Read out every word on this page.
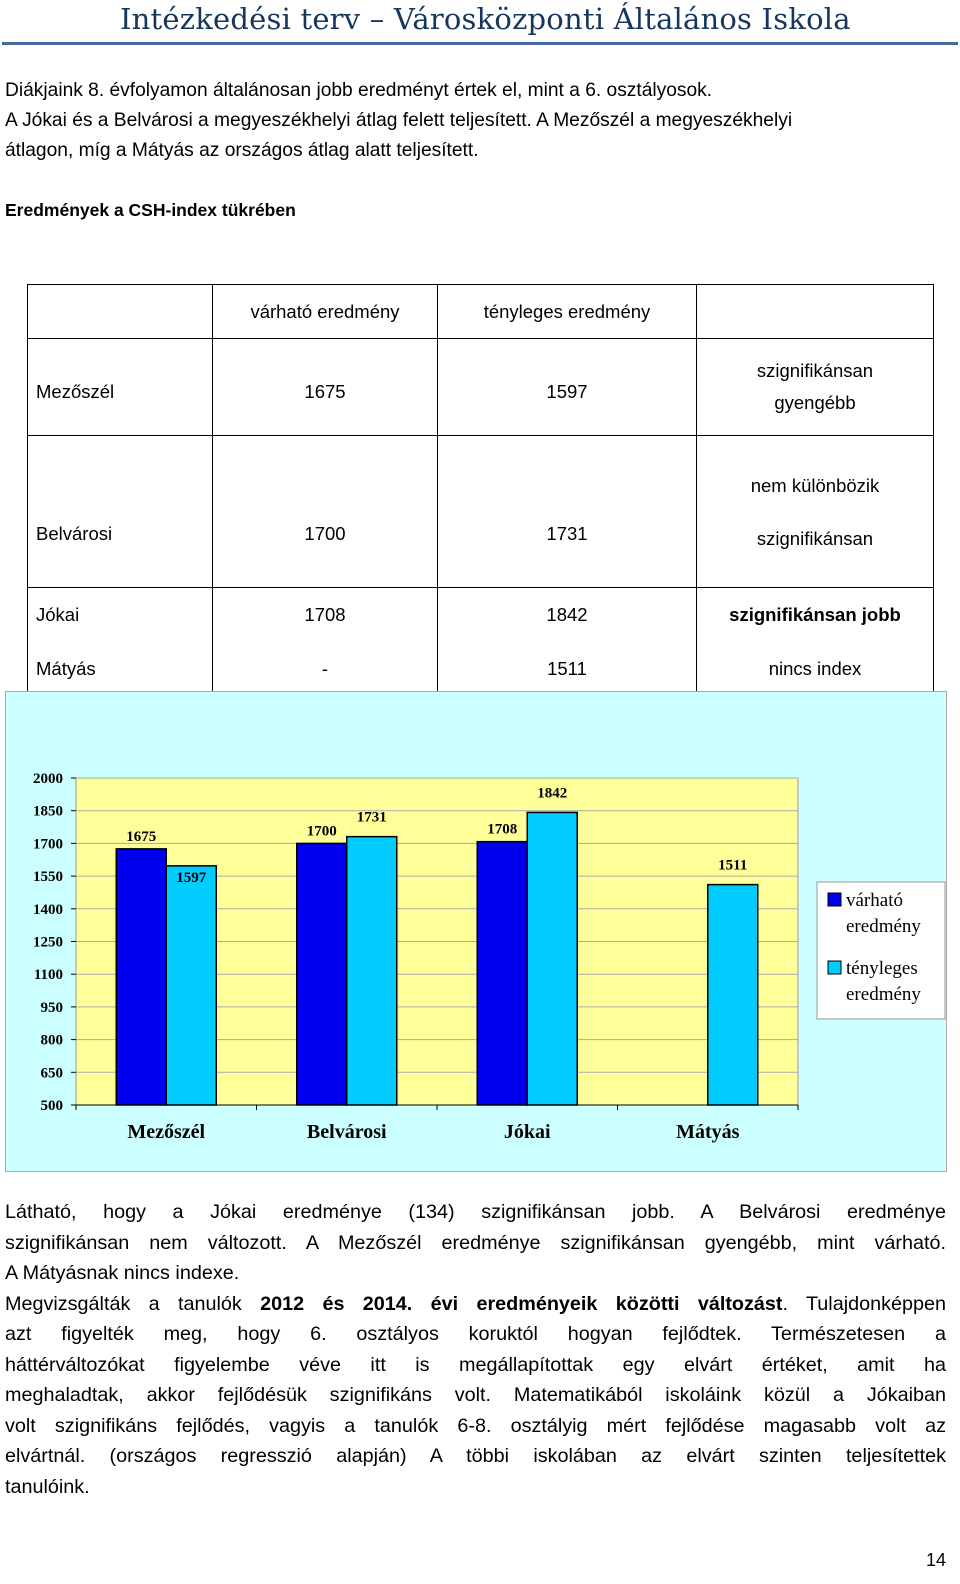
Intézkedési terv – Városközponti Általános Iskola
Diákjaink 8. évfolyamon általánosan jobb eredményt értek el, mint a 6. osztályosok.
A Jókai és a Belvárosi a megyeszékhelyi átlag felett teljesített. A Mezőszél a megyeszékhelyi
átlagon, míg a Mátyás az országos átlag alatt teljesített.
Eredmények a CSH-index tükrében
	várható eredmény	tényleges eredmény	
Mezőszél	1675	1597	szignifikánsan
gyengébb

Belvárosi	1700	1731	nem különbözik
szignifikánsan

Jókai	1708	1842	szignifikánsan jobb
Mátyás	-	1511	nincs index
2000
1850
1700
1550
1400
1250
1100
950
800
650
500
Mezőszél
1675
1597
Belvárosi
1700
1731
Jókai
1708
1842
Mátyás
1511
várható
eredmény
tényleges
eredmény
Látható, hogy a Jókai eredménye (134) szignifikánsan jobb. A Belvárosi eredménye
szignifikánsan nem változott. A Mezőszél eredménye szignifikánsan gyengébb, mint várható.
A Mátyásnak nincs indexe.
Megvizsgálták a tanulók 2012 és 2014. évi eredményeik közötti változást. Tulajdonképpen
azt figyelték meg, hogy 6. osztályos koruktól hogyan fejlődtek. Természetesen a
háttérváltozókat figyelembe véve itt is megállapítottak egy elvárt értéket, amit ha
meghaladtak, akkor fejlődésük szignifikáns volt. Matematikából iskoláink közül a Jókaiban
volt szignifikáns fejlődés, vagyis a tanulók 6-8. osztályig mért fejlődése magasabb volt az
elvártnál. (országos regresszió alapján) A többi iskolában az elvárt szinten teljesítettek
tanulóink.
14
